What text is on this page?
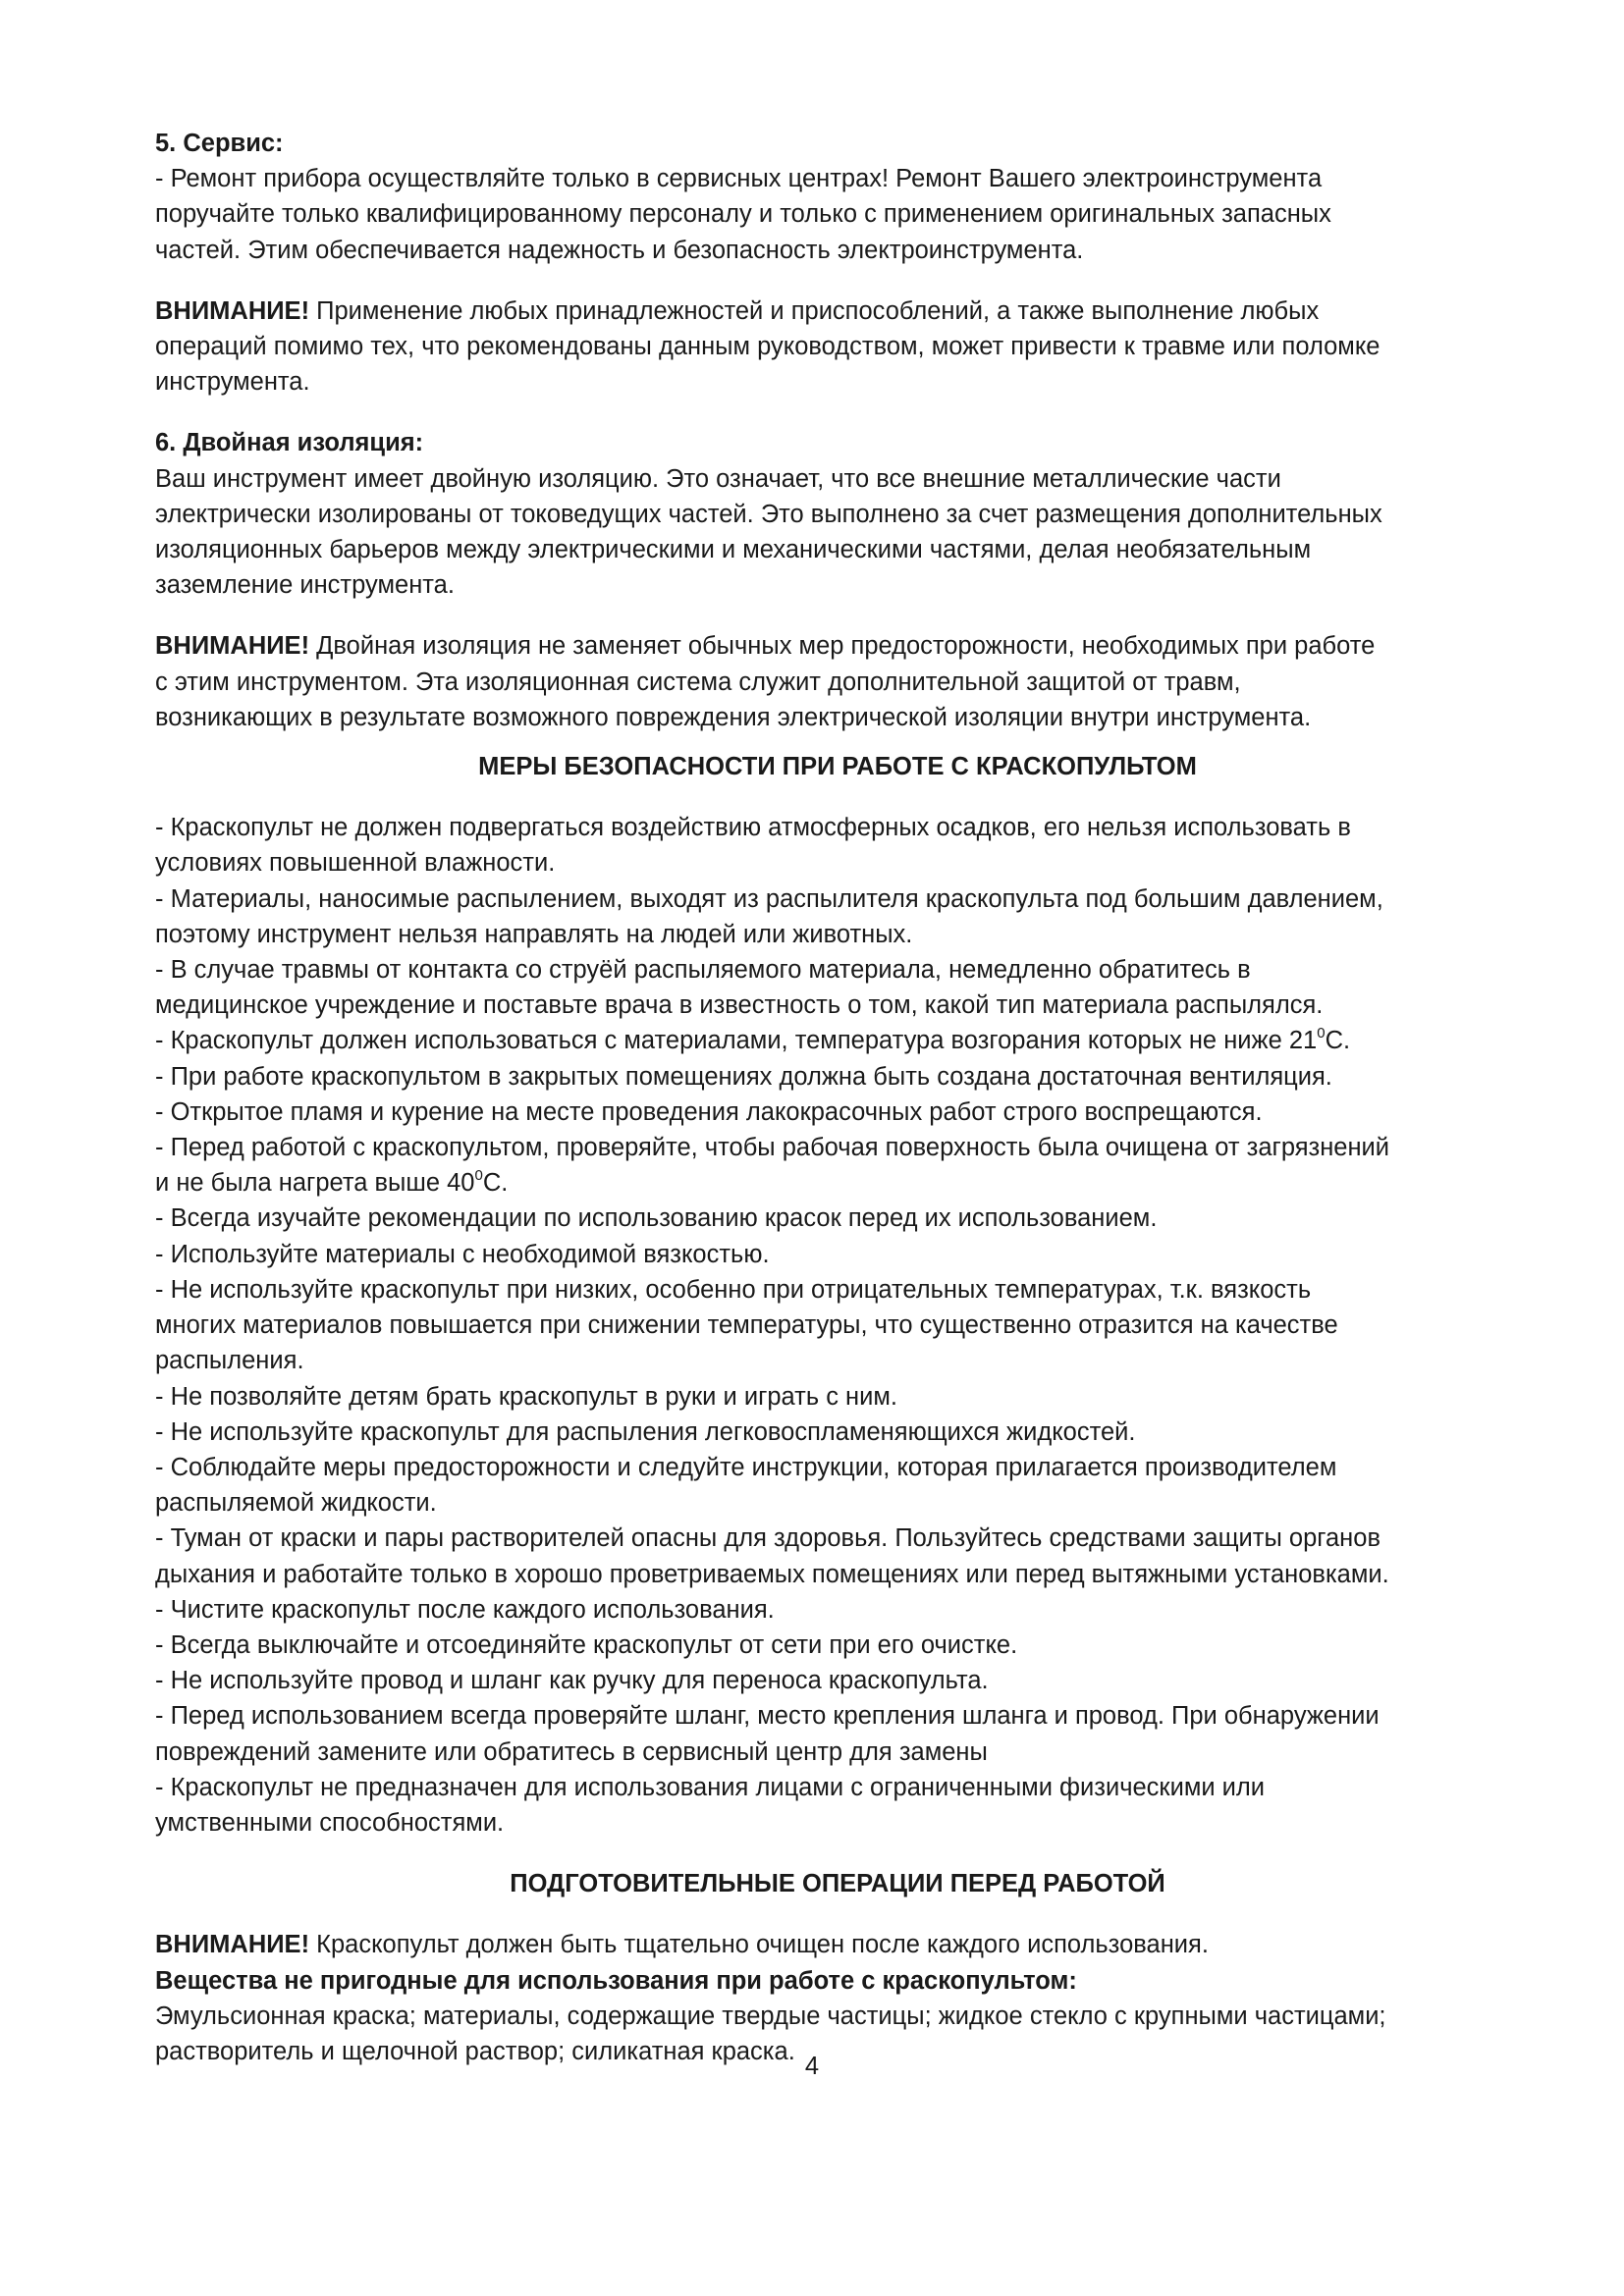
5. Сервис:
- Ремонт прибора осуществляйте только в сервисных центрах! Ремонт Вашего электроинструмента
поручайте только квалифицированному персоналу и только с применением оригинальных запасных
частей. Этим обеспечивается надежность и безопасность электроинструмента.
ВНИМАНИЕ! Применение любых принадлежностей и приспособлений, а также выполнение любых
операций помимо тех, что рекомендованы данным руководством, может привести к травме или поломке
инструмента.
6. Двойная изоляция:
Ваш инструмент имеет двойную изоляцию. Это означает, что все внешние металлические части
электрически изолированы от токоведущих частей. Это выполнено за счет размещения дополнительных
изоляционных барьеров между электрическими и механическими частями, делая необязательным
заземление инструмента.
ВНИМАНИЕ! Двойная изоляция не заменяет обычных мер предосторожности, необходимых при работе
с этим инструментом. Эта изоляционная система служит дополнительной защитой от травм,
возникающих в результате возможного повреждения электрической изоляции внутри инструмента.
МЕРЫ БЕЗОПАСНОСТИ ПРИ РАБОТЕ С КРАСКОПУЛЬТОМ
- Краскопульт не должен подвергаться воздействию атмосферных осадков, его нельзя использовать в
условиях повышенной влажности.
- Материалы, наносимые распылением, выходят из распылителя краскопульта под большим давлением,
поэтому инструмент нельзя направлять на людей или животных.
- В случае травмы от контакта со струёй распыляемого материала, немедленно обратитесь в
медицинское учреждение и поставьте врача в известность о том, какой тип материала распылялся.
- Краскопульт должен использоваться с материалами, температура возгорания которых не ниже $21^0С$.
- При работе краскопультом в закрытых помещениях должна быть создана достаточная вентиляция.
- Открытое пламя и курение на месте проведения лакокрасочных работ строго воспрещаются.
- Перед работой с краскопультом, проверяйте, чтобы рабочая поверхность была очищена от загрязнений
и не была нагрета выше $40^0С$.
- Всегда изучайте рекомендации по использованию красок перед их использованием.
- Используйте материалы с необходимой вязкостью.
- Не используйте краскопульт при низких, особенно при отрицательных температурах, т.к. вязкость
многих материалов повышается при снижении температуры, что существенно отразится на качестве
распыления.
- Не позволяйте детям брать краскопульт в руки и играть с ним.
- Не используйте краскопульт для распыления легковоспламеняющихся жидкостей.
- Соблюдайте меры предосторожности и следуйте инструкции, которая прилагается производителем
распыляемой жидкости.
- Туман от краски и пары растворителей опасны для здоровья. Пользуйтесь средствами защиты органов
дыхания и работайте только в хорошо проветриваемых помещениях или перед вытяжными установками.
- Чистите краскопульт после каждого использования.
- Всегда выключайте и отсоединяйте краскопульт от сети при его очистке.
- Не используйте провод и шланг как ручку для переноса краскопульта.
- Перед использованием всегда проверяйте шланг, место крепления шланга и провод. При обнаружении
повреждений замените или обратитесь в сервисный центр для замены
- Краскопульт не предназначен для использования лицами с ограниченными физическими или
умственными способностями.
ПОДГОТОВИТЕЛЬНЫЕ ОПЕРАЦИИ ПЕРЕД РАБОТОЙ
ВНИМАНИЕ! Краскопульт должен быть тщательно очищен после каждого использования.
Вещества не пригодные для использования при работе с краскопультом:
Эмульсионная краска; материалы, содержащие твердые частицы; жидкое стекло с крупными частицами;
растворитель и щелочной раствор; силикатная краска.
4
